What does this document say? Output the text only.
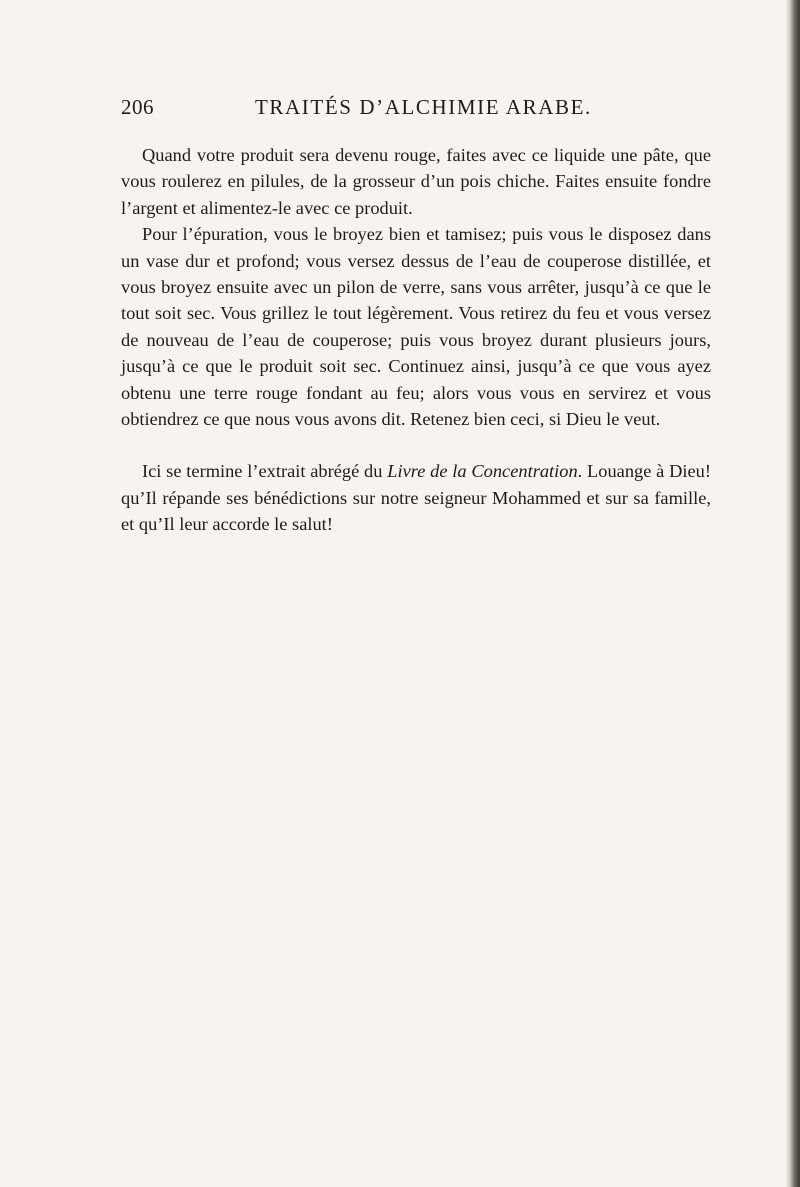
206	TRAITÉS D’ALCHIMIE ARABE.

Quand votre produit sera devenu rouge, faites avec ce liquide une pâte, que vous roulerez en pilules, de la grosseur d’un pois chiche. Faites ensuite fondre l’argent et alimentez-le avec ce produit.

Pour l’épuration, vous le broyez bien et tamisez; puis vous le disposez dans un vase dur et profond; vous versez dessus de l’eau de couperose distillée, et vous broyez ensuite avec un pilon de verre, sans vous arrêter, jusqu’à ce que le tout soit sec. Vous grillez le tout légèrement. Vous retirez du feu et vous versez de nouveau de l’eau de couperose; puis vous broyez durant plusieurs jours, jusqu’à ce que le produit soit sec. Continuez ainsi, jusqu’à ce que vous ayez obtenu une terre rouge fondant au feu; alors vous vous en servirez et vous obtiendrez ce que nous vous avons dit. Retenez bien ceci, si Dieu le veut.

Ici se termine l’extrait abrégé du Livre de la Concentration. Louange à Dieu! qu’Il répande ses bénédictions sur notre seigneur Mohammed et sur sa famille, et qu’Il leur accorde le salut!
